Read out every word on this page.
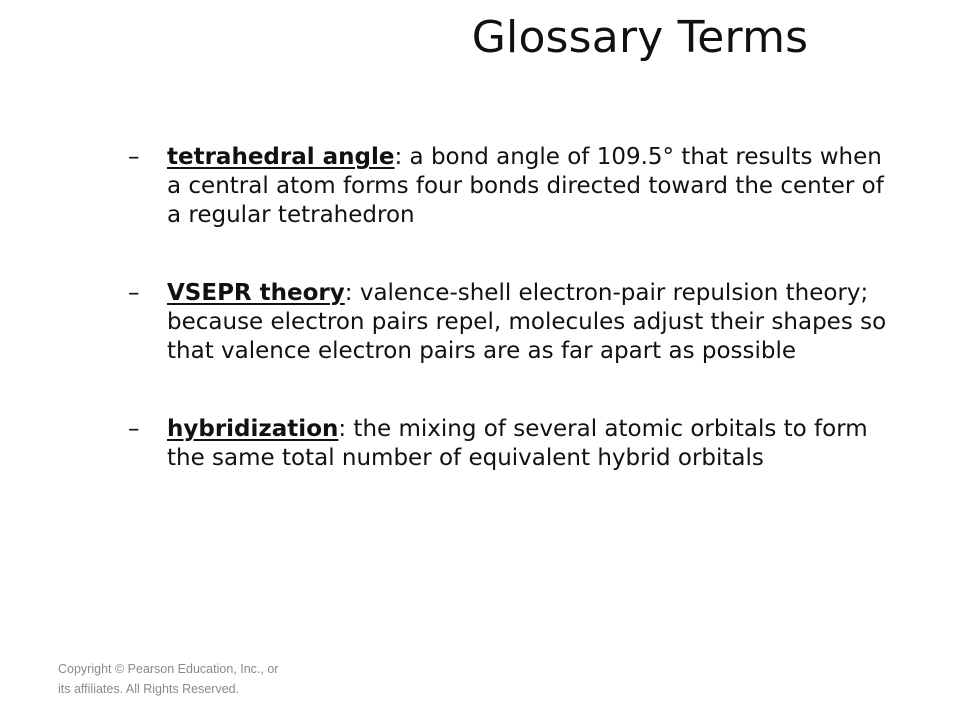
Glossary Terms
– tetrahedral angle: a bond angle of 109.5° that results when a central atom forms four bonds directed toward the center of a regular tetrahedron
– VSEPR theory: valence-shell electron-pair repulsion theory; because electron pairs repel, molecules adjust their shapes so that valence electron pairs are as far apart as possible
– hybridization: the mixing of several atomic orbitals to form the same total number of equivalent hybrid orbitals
Copyright © Pearson Education, Inc., or its affiliates. All Rights Reserved.
